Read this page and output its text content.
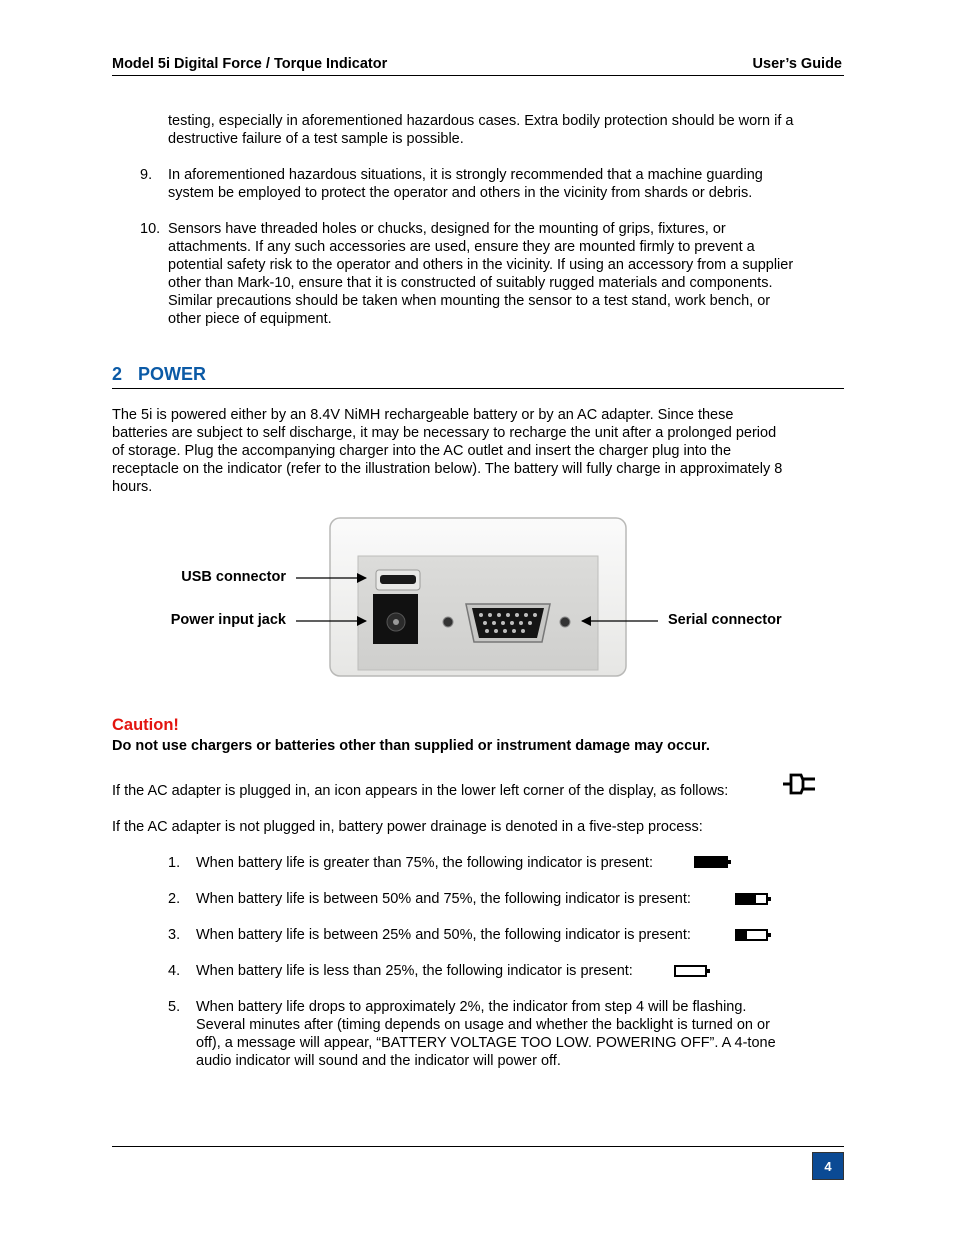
Model 5i Digital Force / Torque Indicator	User’s Guide
testing, especially in aforementioned hazardous cases. Extra bodily protection should be worn if a
destructive failure of a test sample is possible.
9. In aforementioned hazardous situations, it is strongly recommended that a machine guarding
system be employed to protect the operator and others in the vicinity from shards or debris.
10. Sensors have threaded holes or chucks, designed for the mounting of grips, fixtures, or
attachments. If any such accessories are used, ensure they are mounted firmly to prevent a
potential safety risk to the operator and others in the vicinity. If using an accessory from a supplier
other than Mark-10, ensure that it is constructed of suitably rugged materials and components.
Similar precautions should be taken when mounting the sensor to a test stand, work bench, or
other piece of equipment.
2 POWER
The 5i is powered either by an 8.4V NiMH rechargeable battery or by an AC adapter. Since these
batteries are subject to self discharge, it may be necessary to recharge the unit after a prolonged period
of storage. Plug the accompanying charger into the AC outlet and insert the charger plug into the
receptacle on the indicator (refer to the illustration below). The battery will fully charge in approximately 8
hours.
USB connector
Power input jack	Serial connector
Caution!
Do not use chargers or batteries other than supplied or instrument damage may occur.
If the AC adapter is plugged in, an icon appears in the lower left corner of the display, as follows:
If the AC adapter is not plugged in, battery power drainage is denoted in a five-step process:
1. When battery life is greater than 75%, the following indicator is present:
2. When battery life is between 50% and 75%, the following indicator is present:
3. When battery life is between 25% and 50%, the following indicator is present:
4. When battery life is less than 25%, the following indicator is present:
5. When battery life drops to approximately 2%, the indicator from step 4 will be flashing.
Several minutes after (timing depends on usage and whether the backlight is turned on or
off), a message will appear, “BATTERY VOLTAGE TOO LOW. POWERING OFF”. A 4-tone
audio indicator will sound and the indicator will power off.
4
